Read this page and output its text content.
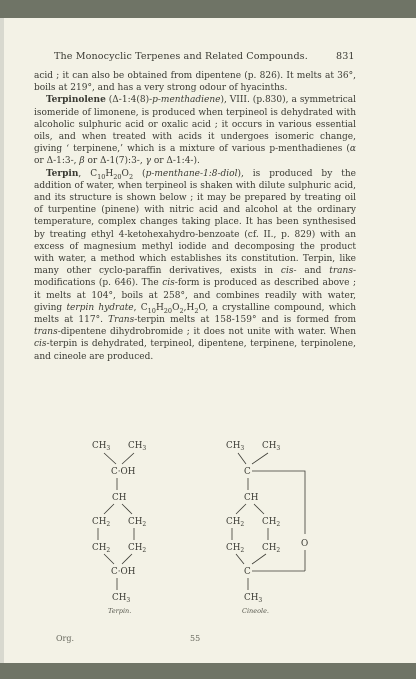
The Monocyclic Terpenes and Related Compounds.	831

acid ; it can also be obtained from dipentene (p. 826). It melts at 36°, boils at 219°, and has a very strong odour of hyacinths.

Terpinolene (Δ-1:4(8)-p-menthadiene), VIII. (p.830), a symmetrical isomeride of limonene, is produced when terpineol is dehydrated with alcoholic sulphuric acid or oxalic acid ; it occurs in various essential oils, and when treated with acids it undergoes isomeric change, giving ‘ terpinene,’ which is a mixture of various p-menthadienes (α or Δ-1:3-, β or Δ-1(7):3-, γ or Δ-1:4-).

Terpin, $C_{10}H_{20}O_2$ (p-menthane-1:8-diol), is produced by the addition of water, when terpineol is shaken with dilute sulphuric acid, and its structure is shown below ; it may be prepared by treating oil of turpentine (pinene) with nitric acid and alcohol at the ordinary temperature, complex changes taking place. It has been synthesised by treating ethyl 4-ketohexahydro-benzoate (cf. II., p. 829) with an excess of magnesium methyl iodide and decomposing the product with water, a method which establishes its constitution. Terpin, like many other cyclo-paraffin derivatives, exists in cis- and trans-modifications (p. 646). The cis-form is produced as described above ; it melts at 104°, boils at 258°, and combines readily with water, giving terpin hydrate, $C_{10}H_{20}O_2,H_2O$, a crystalline compound, which melts at 117°. Trans-terpin melts at 158-159° and is formed from trans-dipentene dihydrobromide ; it does not unite with water. When cis-terpin is dehydrated, terpineol, dipentene, terpinene, terpinolene, and cineole are produced.

$CH_3$ $CH_3$
C·OH
CH
$CH_2$ $CH_2$
$CH_2$ $CH_2$
C·OH
$CH_3$
$CH_3$ $CH_3$
C
CH
$CH_2$ $CH_2$
O
$CH_2$ $CH_2$
C
$CH_3$
Terpin.	Cineole.
Org.	55
